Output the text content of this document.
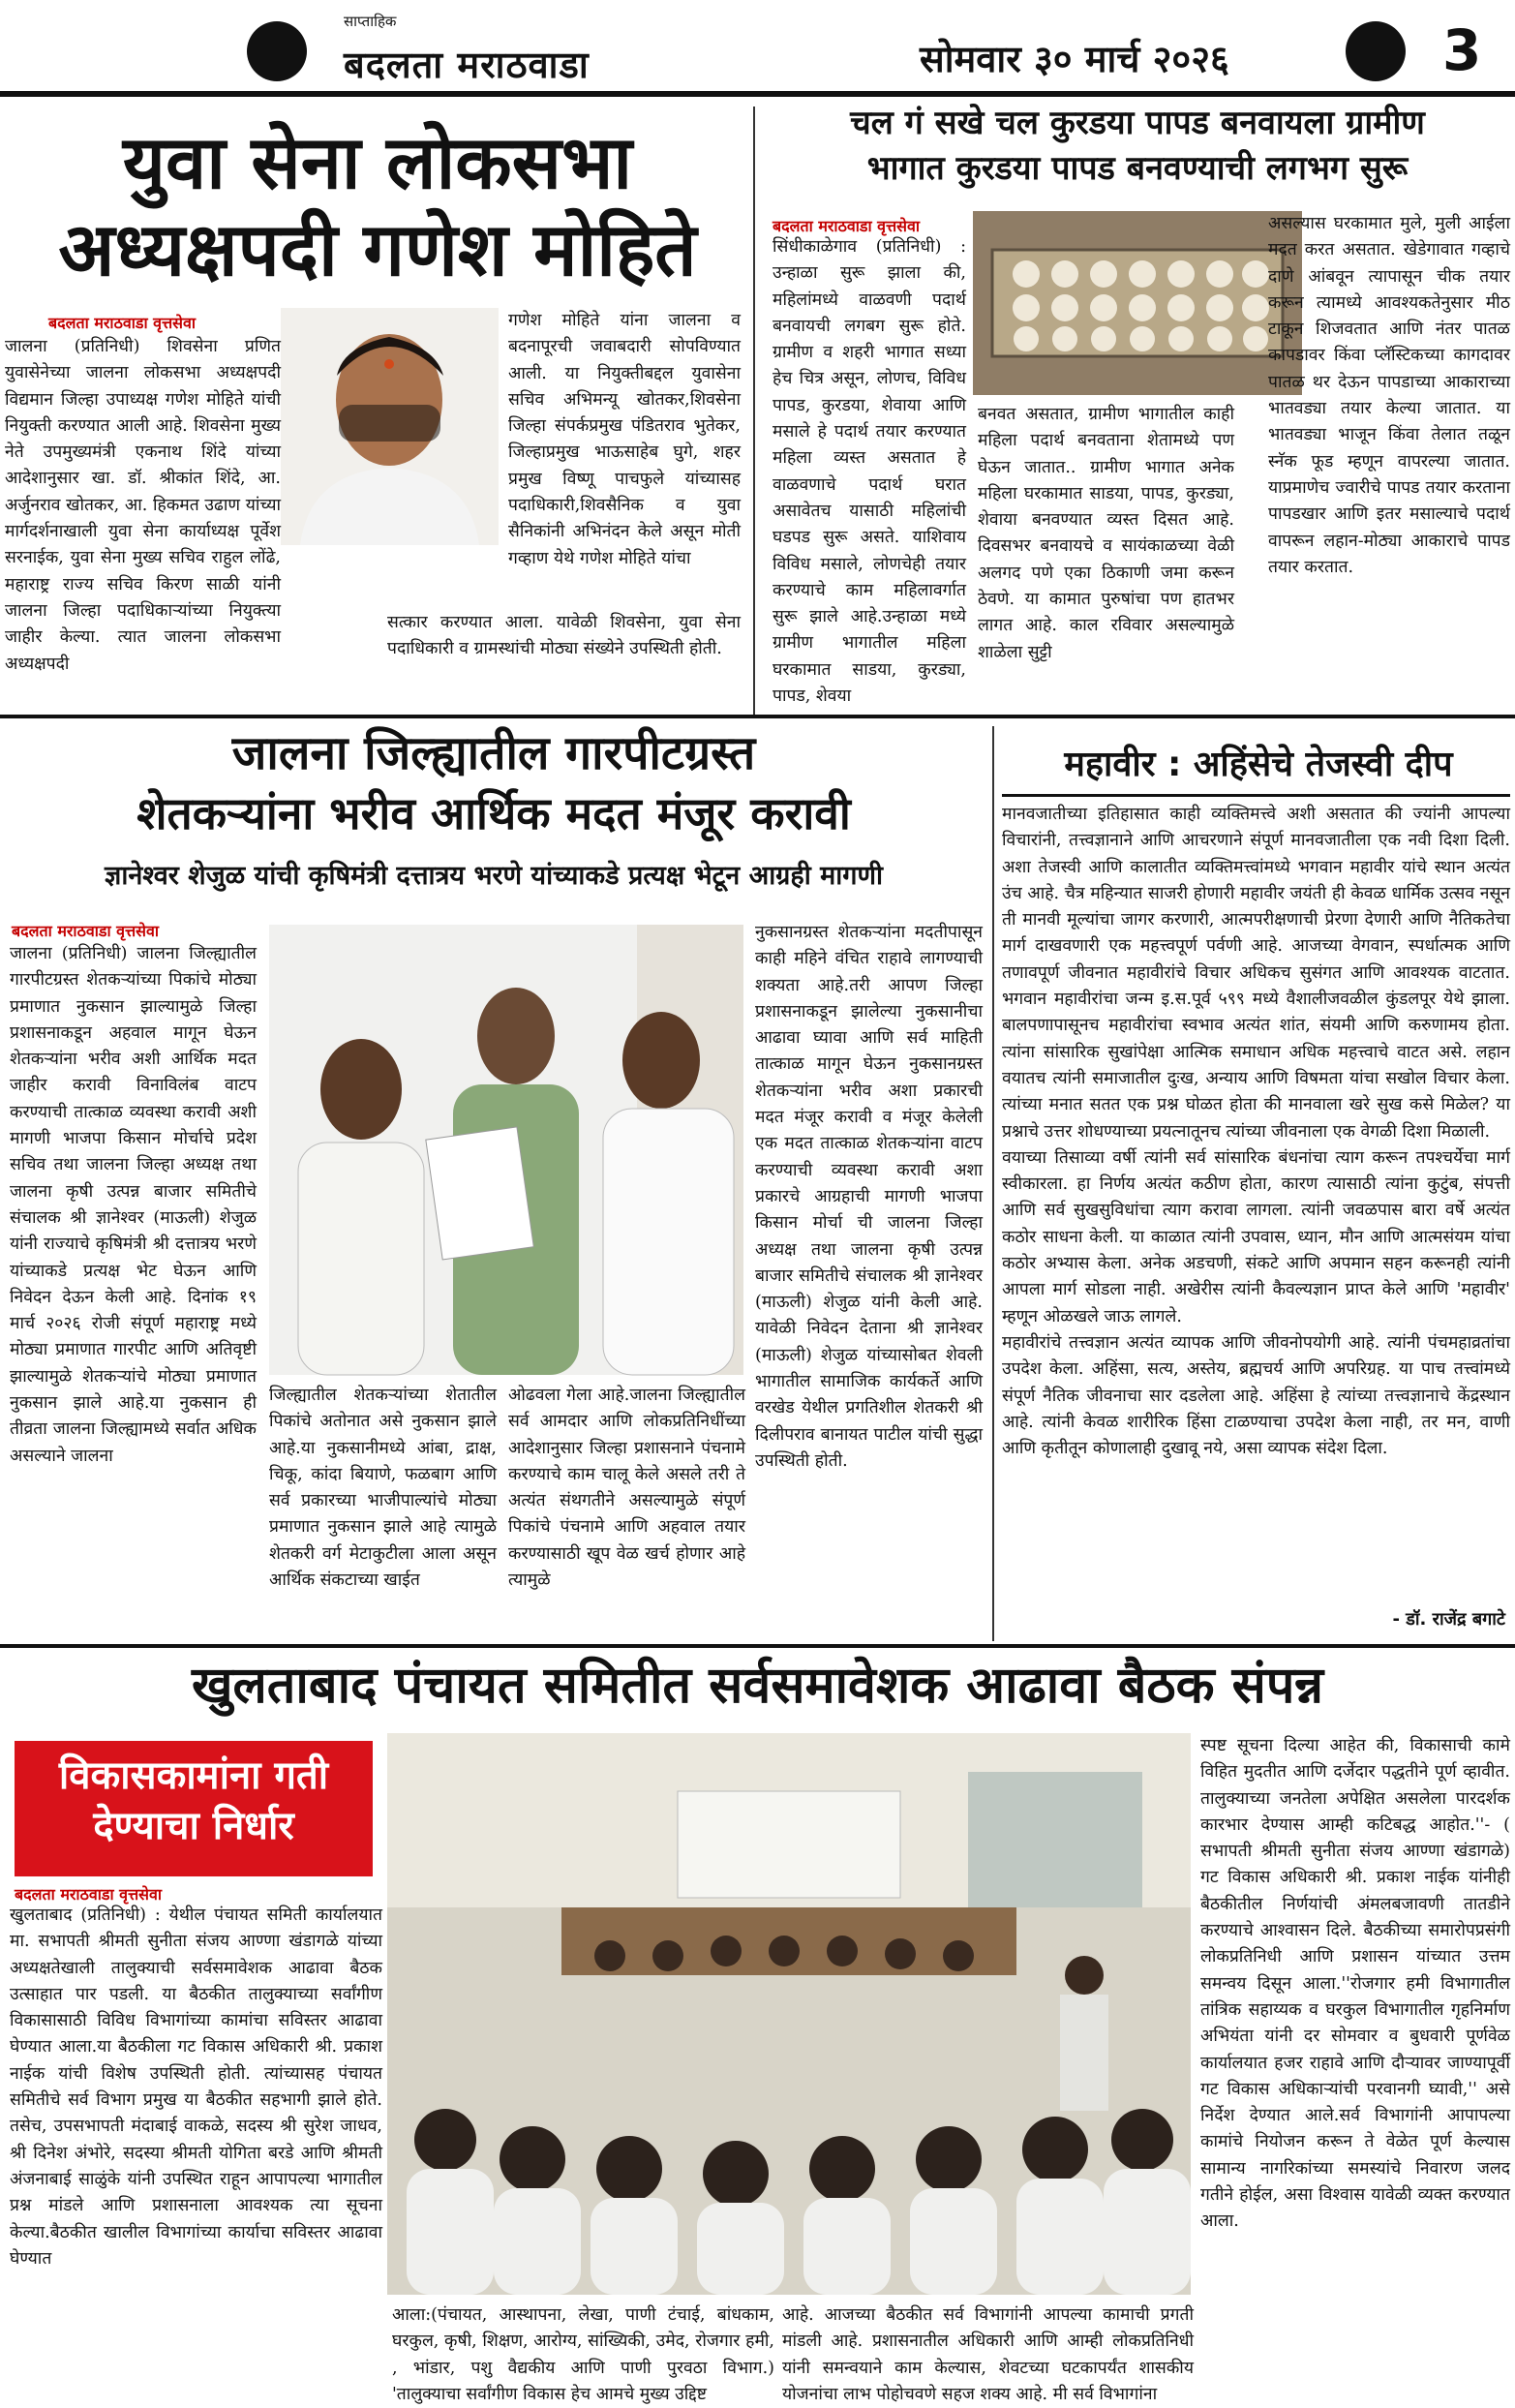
साप्ताहिक
बदलता मराठवाडा	सोमवार ३० मार्च २०२६	3
युवा सेना लोकसभा
अध्यक्षपदी गणेश मोहिते
बदलता मराठवाडा वृत्तसेवा
जालना (प्रतिनिधी) शिवसेना प्रणित युवासेनेच्या जालना लोकसभा अध्यक्षपदी विद्यमान जिल्हा उपाध्यक्ष गणेश मोहिते यांची नियुक्ती करण्यात आली आहे. शिवसेना मुख्य नेते उपमुख्यमंत्री एकनाथ शिंदे यांच्या आदेशानुसार खा. डॉ. श्रीकांत शिंदे, आ. अर्जुनराव खोतकर, आ. हिकमत उढाण यांच्या मार्गदर्शनाखाली युवा सेना कार्याध्यक्ष पूर्वेश सरनाईक, युवा सेना मुख्य सचिव राहुल लोंढे, महाराष्ट्र राज्य सचिव किरण साळी यांनी जालना जिल्हा पदाधिकाऱ्यांच्या नियुक्त्या जाहीर केल्या. त्यात जालना लोकसभा अध्यक्षपदी
गणेश मोहिते यांना जालना व बदनापूरची जवाबदारी सोपविण्यात आली. या नियुक्तीबद्दल युवासेना सचिव अभिमन्यू खोतकर,शिवसेना जिल्हा संपर्कप्रमुख पंडितराव भुतेकर, जिल्हाप्रमुख भाऊसाहेब घुगे, शहर प्रमुख विष्णू पाचफुले यांच्यासह पदाधिकारी,शिवसैनिक व युवा सैनिकांनी अभिनंदन केले असून मोती गव्हाण येथे गणेश मोहिते यांचा
सत्कार करण्यात आला. यावेळी शिवसेना, युवा सेना पदाधिकारी व ग्रामस्थांची मोठ्या संख्येने उपस्थिती होती.
चल गं सखे चल कुरडया पापड बनवायला ग्रामीण
भागात कुरडया पापड बनवण्याची लगभग सुरू
बदलता मराठवाडा वृत्तसेवा
सिंधीकाळेगाव (प्रतिनिधी) : उन्हाळा सुरू झाला की, महिलांमध्ये वाळवणी पदार्थ बनवायची लगबग सुरू होते. ग्रामीण व शहरी भागात सध्या हेच चित्र असून, लोणच, विविध पापड, कुरडया, शेवाया आणि मसाले हे पदार्थ तयार करण्यात महिला व्यस्त असतात हे वाळवणाचे पदार्थ घरात असावेतच यासाठी महिलांची घडपड सुरू असते. याशिवाय विविध मसाले, लोणचेही तयार करण्याचे काम महिलावर्गात सुरू झाले आहे.उन्हाळा मध्ये ग्रामीण भागातील महिला घरकामात साडया, कुरड्या, पापड, शेवया
बनवत असतात, ग्रामीण भागातील काही महिला पदार्थ बनवताना शेतामध्ये पण घेऊन जातात.. ग्रामीण भागात अनेक महिला घरकामात साडया, पापड, कुरड्या, शेवाया बनवण्यात व्यस्त दिसत आहे. दिवसभर बनवायचे व सायंकाळच्या वेळी अलगद पणे एका ठिकाणी जमा करून ठेवणे. या कामात पुरुषांचा पण हातभर लागत आहे. काल रविवार असल्यामुळे शाळेला सुट्टी
असल्यास घरकामात मुले, मुली आईला मदत करत असतात. खेडेगावात गव्हाचे दाणे आंबवून त्यापासून चीक तयार करून त्यामध्ये आवश्यकतेनुसार मीठ टाकून शिजवतात आणि नंतर पातळ कापडावर किंवा प्लॅस्टिकच्या कागदावर पातळ थर देऊन पापडाच्या आकाराच्या भातवड्या तयार केल्या जातात. या भातवड्या भाजून किंवा तेलात तळून स्नॅक फूड म्हणून वापरल्या जातात. याप्रमाणेच ज्वारीचे पापड तयार करताना पापडखार आणि इतर मसाल्याचे पदार्थ वापरून लहान-मोठ्या आकाराचे पापड तयार करतात.
जालना जिल्ह्यातील गारपीटग्रस्त
शेतकऱ्यांना भरीव आर्थिक मदत मंजूर करावी
ज्ञानेश्वर शेजुळ यांची कृषिमंत्री दत्तात्रय भरणे यांच्याकडे प्रत्यक्ष भेटून आग्रही मागणी
बदलता मराठवाडा वृत्तसेवा
जालना (प्रतिनिधी) जालना जिल्ह्यातील गारपीटग्रस्त शेतकऱ्यांच्या पिकांचे मोठ्या प्रमाणात नुकसान झाल्यामुळे जिल्हा प्रशासनाकडून अहवाल मागून घेऊन शेतकऱ्यांना भरीव अशी आर्थिक मदत जाहीर करावी विनाविलंब वाटप करण्याची तात्काळ व्यवस्था करावी अशी मागणी भाजपा किसान मोर्चाचे प्रदेश सचिव तथा जालना जिल्हा अध्यक्ष तथा जालना कृषी उत्पन्न बाजार समितीचे संचालक श्री ज्ञानेश्वर (माऊली) शेजुळ यांनी राज्याचे कृषिमंत्री श्री दत्तात्रय भरणे यांच्याकडे प्रत्यक्ष भेट घेऊन आणि निवेदन देऊन केली आहे. दिनांक १९ मार्च २०२६ रोजी संपूर्ण महाराष्ट्र मध्ये मोठ्या प्रमाणात गारपीट आणि अतिवृष्टी झाल्यामुळे शेतकऱ्यांचे मोठ्या प्रमाणात नुकसान झाले आहे.या नुकसान ही तीव्रता जालना जिल्ह्यामध्ये सर्वात अधिक असल्याने जालना
जिल्ह्यातील शेतकऱ्यांच्या शेतातील पिकांचे अतोनात असे नुकसान झाले आहे.या नुकसानीमध्ये आंबा, द्राक्ष, चिकू, कांदा बियाणे, फळबाग आणि सर्व प्रकारच्या भाजीपाल्यांचे मोठ्या प्रमाणात नुकसान झाले आहे त्यामुळे शेतकरी वर्ग मेटाकुटीला आला असून आर्थिक संकटाच्या खाईत
ओढवला गेला आहे.जालना जिल्ह्यातील सर्व आमदार आणि लोकप्रतिनिधींच्या आदेशानुसार जिल्हा प्रशासनाने पंचनामे करण्याचे काम चालू केले असले तरी ते अत्यंत संथगतीने असल्यामुळे संपूर्ण पिकांचे पंचनामे आणि अहवाल तयार करण्यासाठी खूप वेळ खर्च होणार आहे त्यामुळे
नुकसानग्रस्त शेतकऱ्यांना मदतीपासून काही महिने वंचित राहावे लागण्याची शक्यता आहे.तरी आपण जिल्हा प्रशासनाकडून झालेल्या नुकसानीचा आढावा घ्यावा आणि सर्व माहिती तात्काळ मागून घेऊन नुकसानग्रस्त शेतकऱ्यांना भरीव अशा प्रकारची मदत मंजूर करावी व मंजूर केलेली एक मदत तात्काळ शेतकऱ्यांना वाटप करण्याची व्यवस्था करावी अशा प्रकारचे आग्रहाची मागणी भाजपा किसान मोर्चा ची जालना जिल्हा अध्यक्ष तथा जालना कृषी उत्पन्न बाजार समितीचे संचालक श्री ज्ञानेश्वर (माऊली) शेजुळ यांनी केली आहे. यावेळी निवेदन देताना श्री ज्ञानेश्वर (माऊली) शेजुळ यांच्यासोबत शेवली भागातील सामाजिक कार्यकर्ते आणि वरखेड येथील प्रगतिशील शेतकरी श्री दिलीपराव बानायत पाटील यांची सुद्धा उपस्थिती होती.
महावीर : अहिंसेचे तेजस्वी दीप
मानवजातीच्या इतिहासात काही व्यक्तिमत्त्वे अशी असतात की ज्यांनी आपल्या विचारांनी, तत्त्वज्ञानाने आणि आचरणाने संपूर्ण मानवजातीला एक नवी दिशा दिली. अशा तेजस्वी आणि कालातीत व्यक्तिमत्त्वांमध्ये भगवान महावीर यांचे स्थान अत्यंत उंच आहे. चैत्र महिन्यात साजरी होणारी महावीर जयंती ही केवळ धार्मिक उत्सव नसून ती मानवी मूल्यांचा जागर करणारी, आत्मपरीक्षणाची प्रेरणा देणारी आणि नैतिकतेचा मार्ग दाखवणारी एक महत्त्वपूर्ण पर्वणी आहे. आजच्या वेगवान, स्पर्धात्मक आणि तणावपूर्ण जीवनात महावीरांचे विचार अधिकच सुसंगत आणि आवश्यक वाटतात. भगवान महावीरांचा जन्म इ.स.पूर्व ५९९ मध्ये वैशालीजवळील कुंडलपूर येथे झाला. बालपणापासूनच महावीरांचा स्वभाव अत्यंत शांत, संयमी आणि करुणामय होता. त्यांना सांसारिक सुखांपेक्षा आत्मिक समाधान अधिक महत्त्वाचे वाटत असे. लहान वयातच त्यांनी समाजातील दुःख, अन्याय आणि विषमता यांचा सखोल विचार केला. त्यांच्या मनात सतत एक प्रश्न घोळत होता की मानवाला खरे सुख कसे मिळेल? या प्रश्नाचे उत्तर शोधण्याच्या प्रयत्नातूनच त्यांच्या जीवनाला एक वेगळी दिशा मिळाली.
वयाच्या तिसाव्या वर्षी त्यांनी सर्व सांसारिक बंधनांचा त्याग करून तपश्चर्येचा मार्ग स्वीकारला. हा निर्णय अत्यंत कठीण होता, कारण त्यासाठी त्यांना कुटुंब, संपत्ती आणि सर्व सुखसुविधांचा त्याग करावा लागला. त्यांनी जवळपास बारा वर्षे अत्यंत कठोर साधना केली. या काळात त्यांनी उपवास, ध्यान, मौन आणि आत्मसंयम यांचा कठोर अभ्यास केला. अनेक अडचणी, संकटे आणि अपमान सहन करूनही त्यांनी आपला मार्ग सोडला नाही. अखेरीस त्यांनी कैवल्यज्ञान प्राप्त केले आणि 'महावीर' म्हणून ओळखले जाऊ लागले.
महावीरांचे तत्त्वज्ञान अत्यंत व्यापक आणि जीवनोपयोगी आहे. त्यांनी पंचमहाव्रतांचा उपदेश केला. अहिंसा, सत्य, अस्तेय, ब्रह्मचर्य आणि अपरिग्रह. या पाच तत्त्वांमध्ये संपूर्ण नैतिक जीवनाचा सार दडलेला आहे. अहिंसा हे त्यांच्या तत्त्वज्ञानाचे केंद्रस्थान आहे. त्यांनी केवळ शारीरिक हिंसा टाळण्याचा उपदेश केला नाही, तर मन, वाणी आणि कृतीतून कोणालाही दुखावू नये, असा व्यापक संदेश दिला.
- डॉ. राजेंद्र बगाटे
खुलताबाद पंचायत समितीत सर्वसमावेशक आढावा बैठक संपन्न
विकासकामांना गती देण्याचा निर्धार
बदलता मराठवाडा वृत्तसेवा
खुलताबाद (प्रतिनिधी) : येथील पंचायत समिती कार्यालयात मा. सभापती श्रीमती सुनीता संजय आण्णा खंडागळे यांच्या अध्यक्षतेखाली तालुक्याची सर्वसमावेशक आढावा बैठक उत्साहात पार पडली. या बैठकीत तालुक्याच्या सर्वांगीण विकासासाठी विविध विभागांच्या कामांचा सविस्तर आढावा घेण्यात आला.या बैठकीला गट विकास अधिकारी श्री. प्रकाश नाईक यांची विशेष उपस्थिती होती. त्यांच्यासह पंचायत समितीचे सर्व विभाग प्रमुख या बैठकीत सहभागी झाले होते. तसेच, उपसभापती मंदाबाई वाकळे, सदस्य श्री सुरेश जाधव, श्री दिनेश अंभोरे, सदस्या श्रीमती योगिता बरडे आणि श्रीमती अंजनाबाई साळुंके यांनी उपस्थित राहून आपापल्या भागातील प्रश्न मांडले आणि प्रशासनाला आवश्यक त्या सूचना केल्या.बैठकीत खालील विभागांच्या कार्याचा सविस्तर आढावा घेण्यात
आला:(पंचायत, आस्थापना, लेखा, पाणी टंचाई, बांधकाम, घरकुल, कृषी, शिक्षण, आरोग्य, सांख्यिकी, उमेद, रोजगार हमी, , भांडार, पशु वैद्यकीय आणि पाणी पुरवठा विभाग.) 'तालुक्याचा सर्वांगीण विकास हेच आमचे मुख्य उद्दिष्ट
आहे. आजच्या बैठकीत सर्व विभागांनी आपल्या कामाची प्रगती मांडली आहे. प्रशासनातील अधिकारी आणि आम्ही लोकप्रतिनिधी यांनी समन्वयाने काम केल्यास, शेवटच्या घटकापर्यंत शासकीय योजनांचा लाभ पोहोचवणे सहज शक्य आहे. मी सर्व विभागांना
स्पष्ट सूचना दिल्या आहेत की, विकासाची कामे विहित मुदतीत आणि दर्जेदार पद्धतीने पूर्ण व्हावीत. तालुक्याच्या जनतेला अपेक्षित असलेला पारदर्शक कारभार देण्यास आम्ही कटिबद्ध आहोत.''- ( सभापती श्रीमती सुनीता संजय आण्णा खंडागळे) गट विकास अधिकारी श्री. प्रकाश नाईक यांनीही बैठकीतील निर्णयांची अंमलबजावणी तातडीने करण्याचे आश्वासन दिले. बैठकीच्या समारोपप्रसंगी लोकप्रतिनिधी आणि प्रशासन यांच्यात उत्तम समन्वय दिसून आला.''रोजगार हमी विभागातील तांत्रिक सहाय्यक व घरकुल विभागातील गृहनिर्माण अभियंता यांनी दर सोमवार व बुधवारी पूर्णवेळ कार्यालयात हजर राहावे आणि दौऱ्यावर जाण्यापूर्वी गट विकास अधिकाऱ्यांची परवानगी घ्यावी,'' असे निर्देश देण्यात आले.सर्व विभागांनी आपापल्या कामांचे नियोजन करून ते वेळेत पूर्ण केल्यास सामान्य नागरिकांच्या समस्यांचे निवारण जलद गतीने होईल, असा विश्वास यावेळी व्यक्त करण्यात आला.
